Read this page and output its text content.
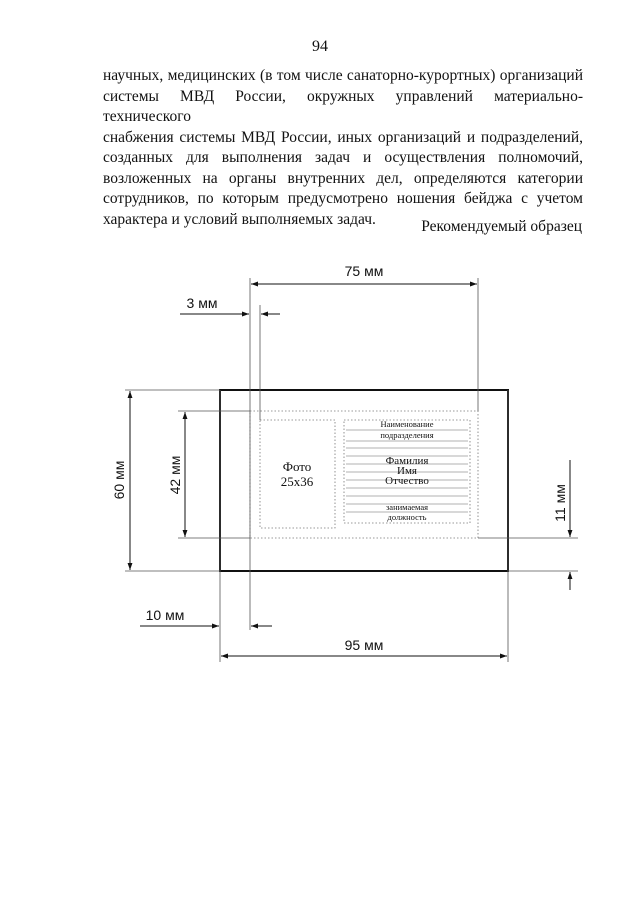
94
научных, медицинских (в том числе санаторно-курортных) организаций
системы МВД России, окружных управлений материально-технического
снабжения системы МВД России, иных организаций и подразделений,
созданных для выполнения задач и осуществления полномочий,
возложенных на органы внутренних дел, определяются категории
сотрудников, по которым предусмотрено ношения бейджа с учетом
характера и условий выполняемых задач.	Рекомендуемый образец
Фото
25x36
Наименование
подразделения
Фамилия
Имя
Отчество
занимаемая
должность
75 мм
3 мм
60 мм	42 мм
11 мм
10 мм
95 мм
